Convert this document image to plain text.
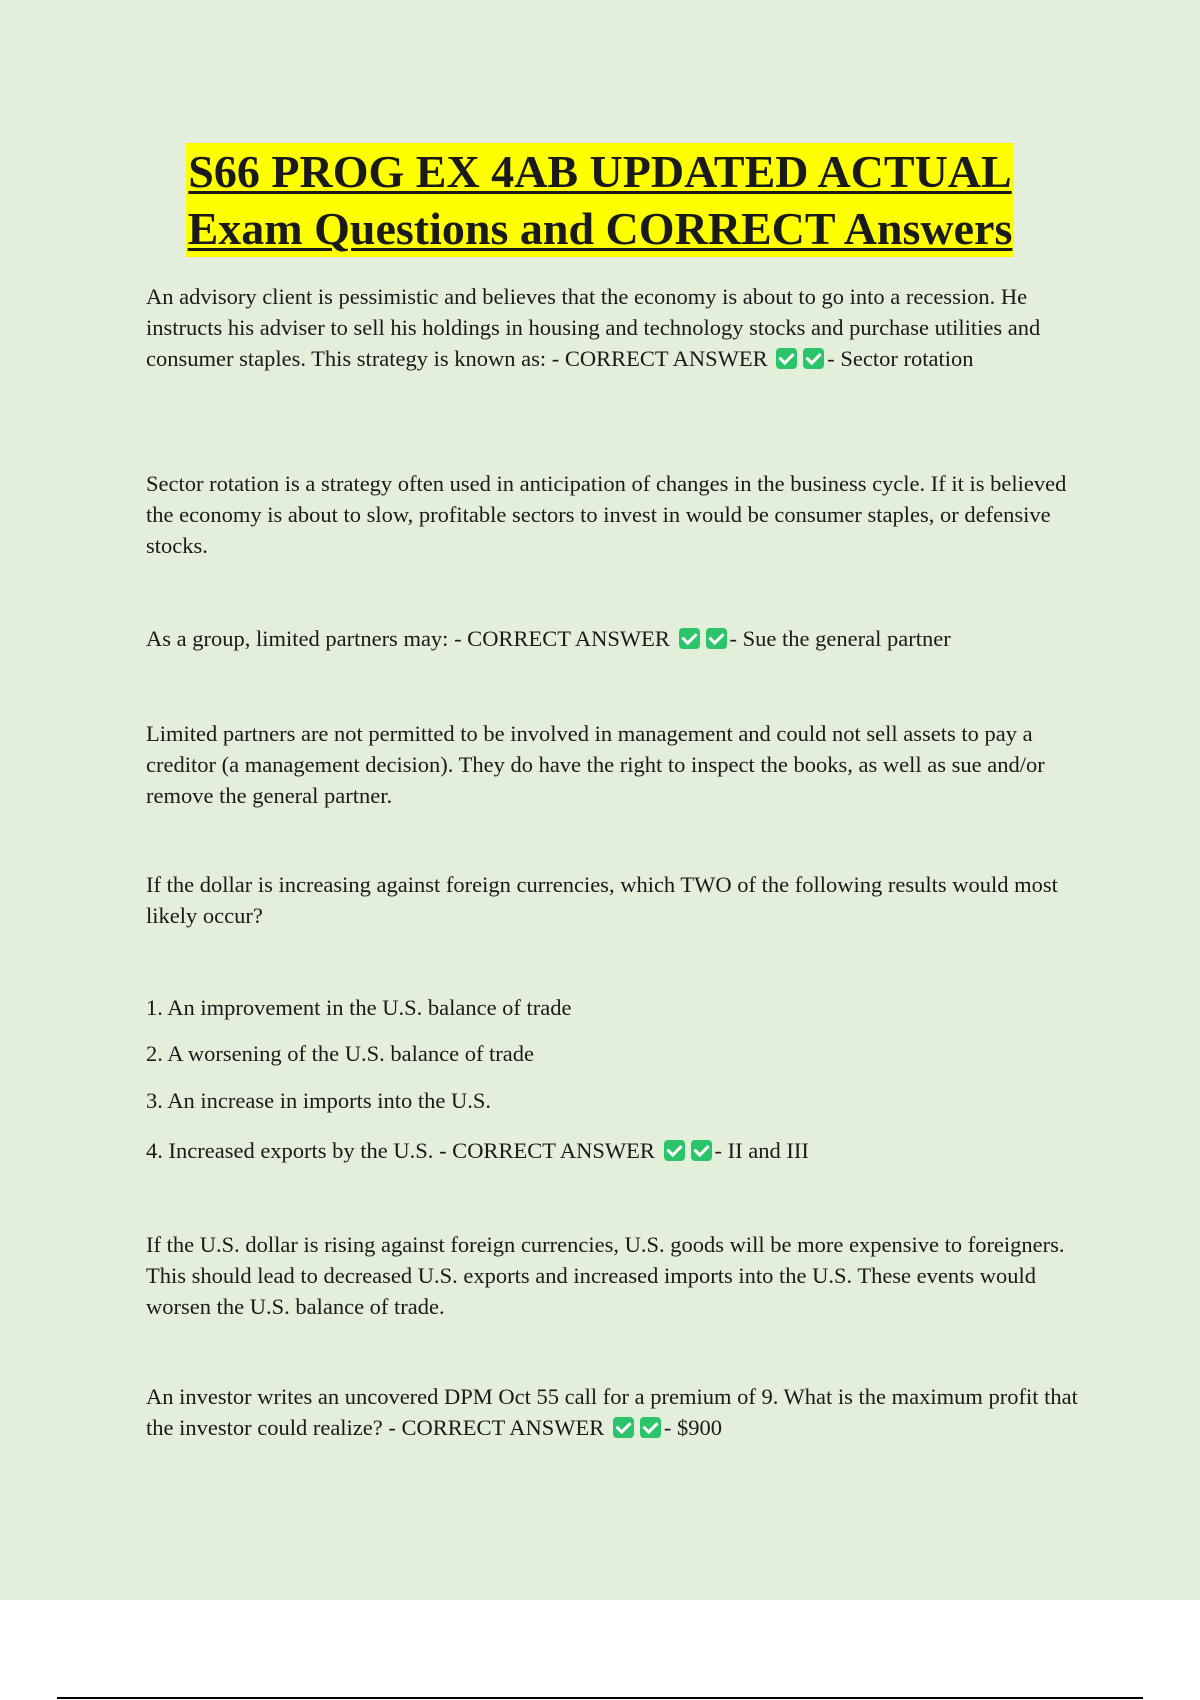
S66 PROG EX 4AB UPDATED ACTUAL
Exam Questions and CORRECT Answers

An advisory client is pessimistic and believes that the economy is about to go into a recession. He instructs his adviser to sell his holdings in housing and technology stocks and purchase utilities and consumer staples. This strategy is known as: - CORRECT ANSWER	- Sector rotation

Sector rotation is a strategy often used in anticipation of changes in the business cycle. If it is believed the economy is about to slow, profitable sectors to invest in would be consumer staples, or defensive stocks.

As a group, limited partners may: - CORRECT ANSWER	- Sue the general partner

Limited partners are not permitted to be involved in management and could not sell assets to pay a creditor (a management decision). They do have the right to inspect the books, as well as sue and/or remove the general partner.

If the dollar is increasing against foreign currencies, which TWO of the following results would most likely occur?

1. An improvement in the U.S. balance of trade

2. A worsening of the U.S. balance of trade

3. An increase in imports into the U.S.

4. Increased exports by the U.S. - CORRECT ANSWER	- II and III

If the U.S. dollar is rising against foreign currencies, U.S. goods will be more expensive to foreigners. This should lead to decreased U.S. exports and increased imports into the U.S. These events would worsen the U.S. balance of trade.

An investor writes an uncovered DPM Oct 55 call for a premium of 9. What is the maximum profit that the investor could realize? - CORRECT ANSWER	- $900
